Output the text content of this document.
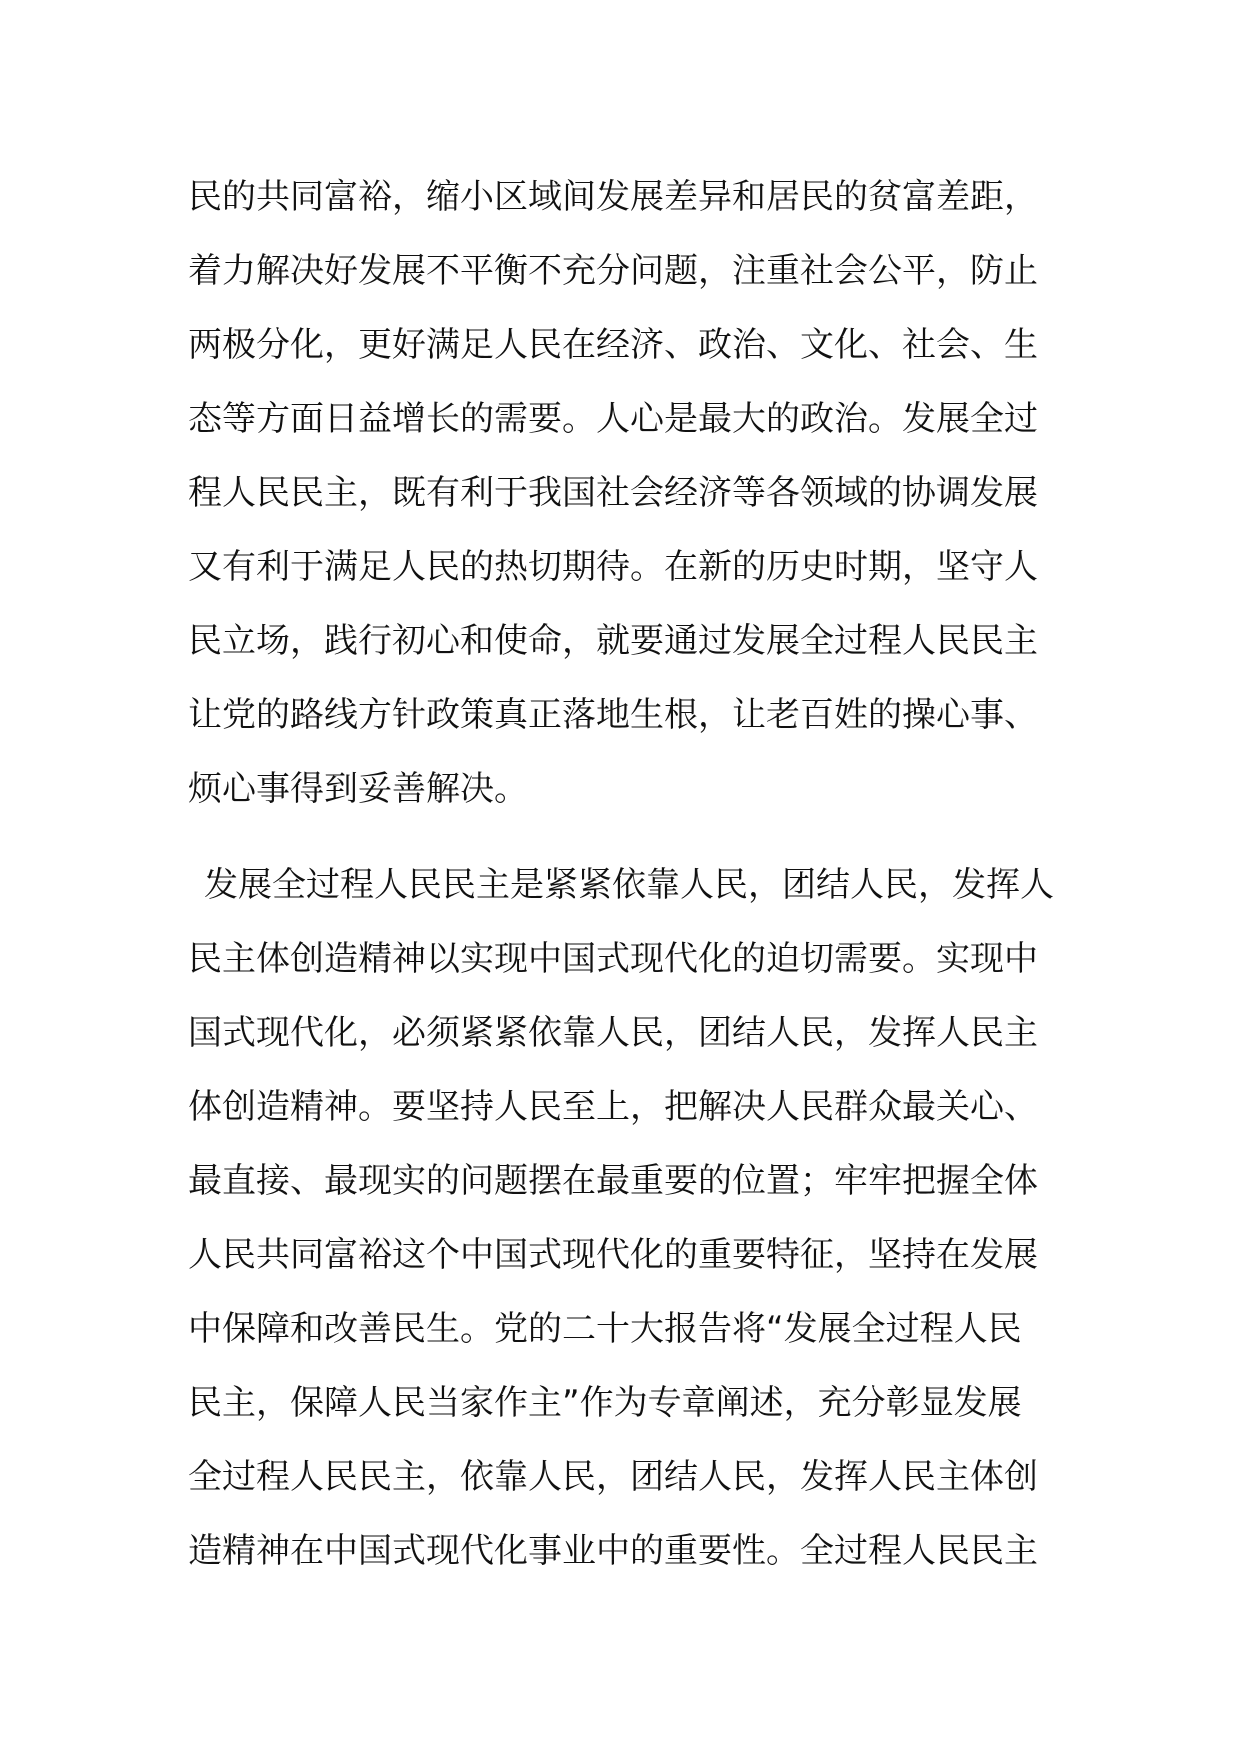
民的共同富裕，缩小区域间发展差异和居民的贫富差距，
着力解决好发展不平衡不充分问题，注重社会公平，防止
两极分化，更好满足人民在经济、政治、文化、社会、生
态等方面日益增长的需要。人心是最大的政治。发展全过
程人民民主，既有利于我国社会经济等各领域的协调发展
又有利于满足人民的热切期待。在新的历史时期，坚守人
民立场，践行初心和使命，就要通过发展全过程人民民主
让党的路线方针政策真正落地生根，让老百姓的操心事、
烦心事得到妥善解决。
发展全过程人民民主是紧紧依靠人民，团结人民，发挥人
民主体创造精神以实现中国式现代化的迫切需要。实现中
国式现代化，必须紧紧依靠人民，团结人民，发挥人民主
体创造精神。要坚持人民至上，把解决人民群众最关心、
最直接、最现实的问题摆在最重要的位置；牢牢把握全体
人民共同富裕这个中国式现代化的重要特征，坚持在发展
中保障和改善民生。党的二十大报告将“发展全过程人民
民主，保障人民当家作主”作为专章阐述，充分彰显发展
全过程人民民主，依靠人民，团结人民，发挥人民主体创
造精神在中国式现代化事业中的重要性。全过程人民民主
